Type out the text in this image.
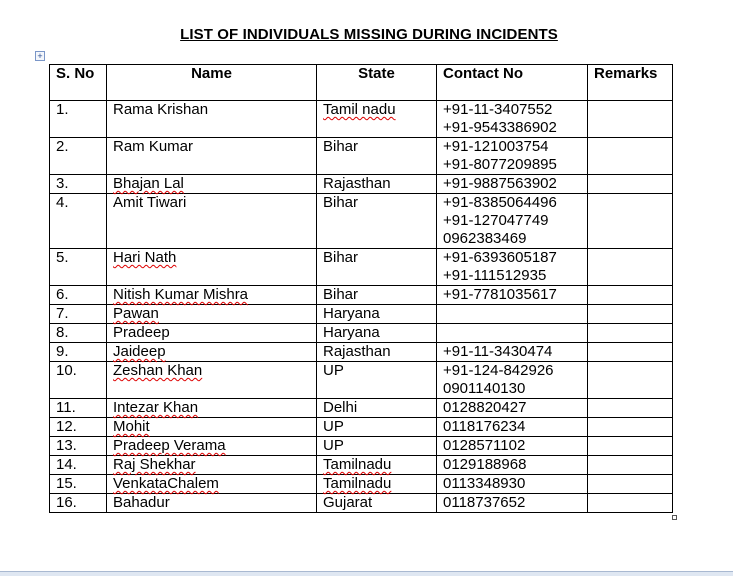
LIST OF INDIVIDUALS MISSING DURING INCIDENTS
+
S. No	Name	State	Contact No	Remarks
1.	Rama Krishan	Tamil nadu	+91-11-3407552
+91-9543386902	

2.	Ram Kumar	Bihar	+91-121003754
+91-8077209895	

3.	Bhajan Lal	Rajasthan	+91-9887563902	

4.	Amit Tiwari	Bihar	+91-8385064496
+91-127047749
0962383469	

5.	Hari Nath	Bihar	+91-6393605187
+91-111512935	

6.	Nitish Kumar Mishra	Bihar	+91-7781035617	

7.	Pawan	Haryana		
8.	Pradeep	Haryana		
9.	Jaideep	Rajasthan	+91-11-3430474	

10.	Zeshan Khan	UP	+91-124-842926
0901140130	

11.	Intezar Khan	Delhi	0128820427	

12.	Mohit	UP	0118176234	

13.	Pradeep Verama	UP	0128571102	

14.	Raj Shekhar	Tamilnadu	0129188968	

15.	VenkataChalem	Tamilnadu	0113348930	

16.	Bahadur	Gujarat	0118737652	
